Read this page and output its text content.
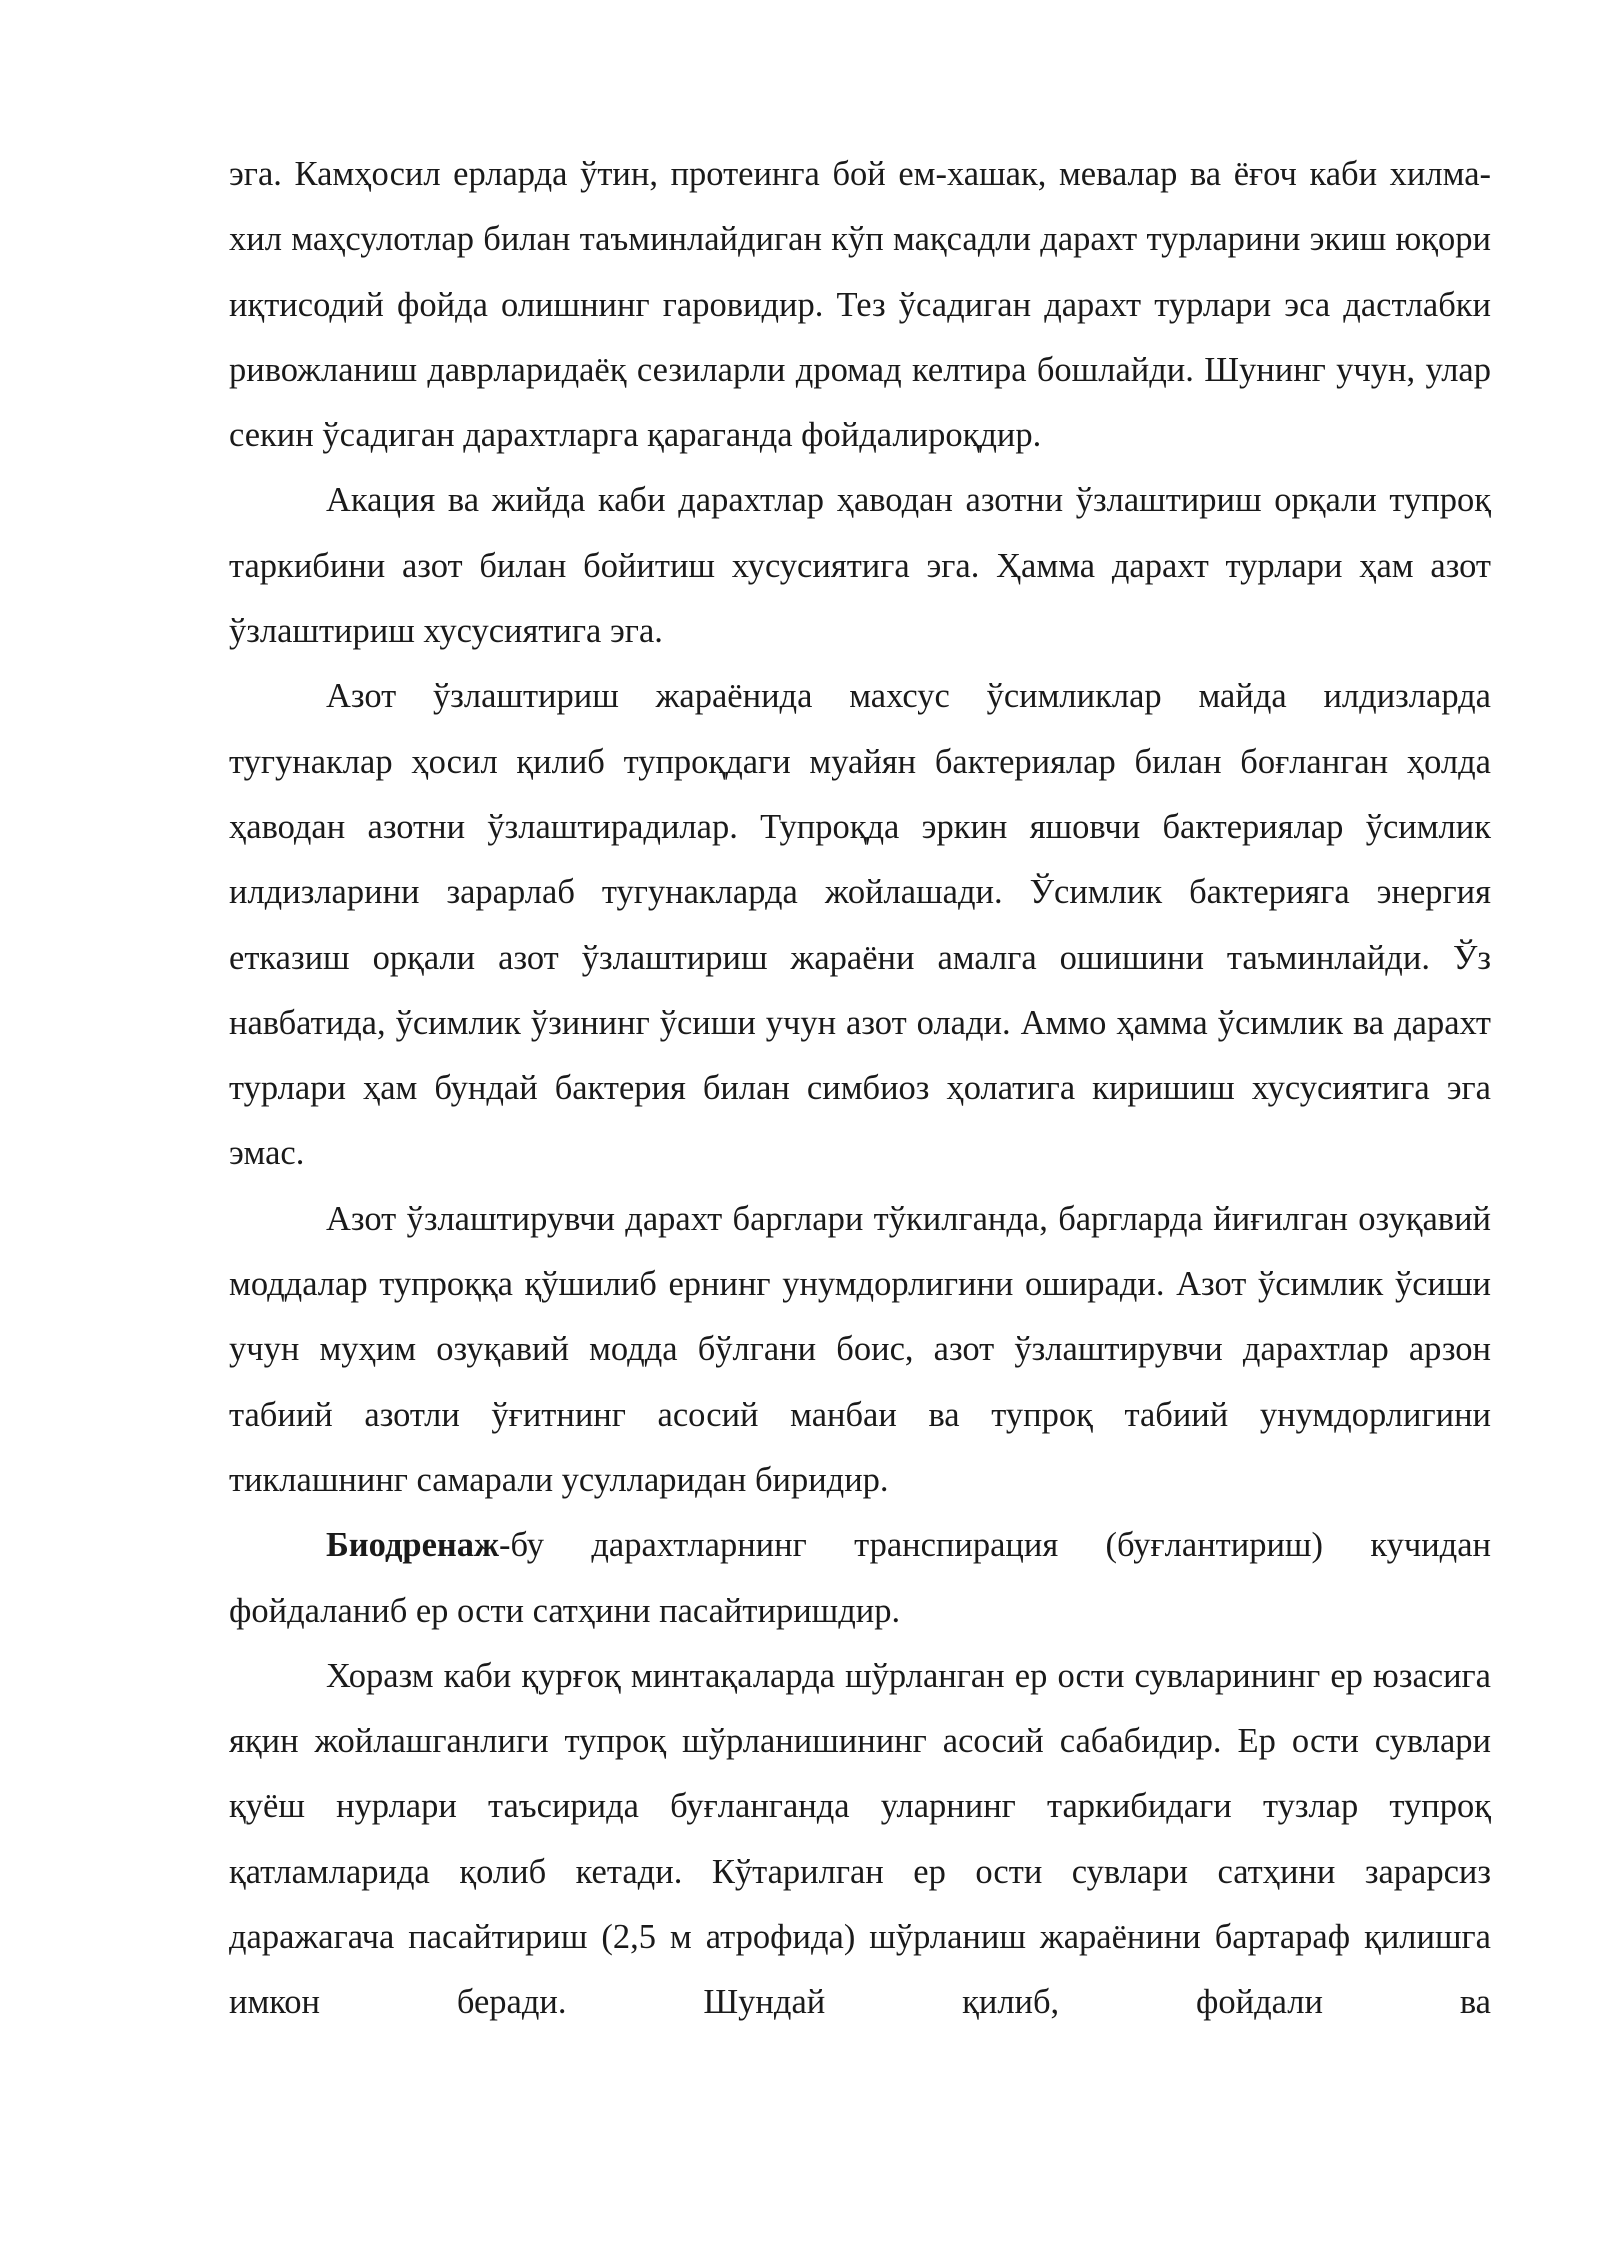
эга. Камҳосил ерларда ўтин, протеинга бой ем-хашак, мевалар ва ёғоч каби хилма-хил маҳсулотлар билан таъминлайдиган кўп мақсадли дарахт турларини экиш юқори иқтисодий фойда олишнинг гаровидир. Тез ўсадиган дарахт турлари эса дастлабки ривожланиш даврларидаёқ сезиларли дромад келтира бошлайди. Шунинг учун, улар секин ўсадиган дарахтларга қараганда фойдалироқдир.

Акация ва жийда каби дарахтлар ҳаводан азотни ўзлаштириш орқали тупроқ таркибини азот билан бойитиш хусусиятига эга. Ҳамма дарахт турлари ҳам азот ўзлаштириш хусусиятига эга.

Азот ўзлаштириш жараёнида махсус ўсимликлар майда илдизларда тугунаклар ҳосил қилиб тупроқдаги муайян бактериялар билан боғланган ҳолда ҳаводан азотни ўзлаштирадилар. Тупроқда эркин яшовчи бактериялар ўсимлик илдизларини зарарлаб тугунакларда жойлашади. Ўсимлик бактерияга энергия етказиш орқали азот ўзлаштириш жараёни амалга ошишини таъминлайди. Ўз навбатида, ўсимлик ўзининг ўсиши учун азот олади. Аммо ҳамма ўсимлик ва дарахт турлари ҳам бундай бактерия билан симбиоз ҳолатига киришиш хусусиятига эга эмас.

Азот ўзлаштирувчи дарахт барглари тўкилганда, баргларда йиғилган озуқавий моддалар тупроққа қўшилиб ернинг унумдорлигини оширади. Азот ўсимлик ўсиши учун муҳим озуқавий модда бўлгани боис, азот ўзлаштирувчи дарахтлар арзон табиий азотли ўғитнинг асосий манбаи ва тупроқ табиий унумдорлигини тиклашнинг самарали усулларидан биридир.

Биодренаж-бу дарахтларнинг транспирация (буғлантириш) кучидан фойдаланиб ер ости сатҳини пасайтиришдир.

Хоразм каби қурғоқ минтақаларда шўрланган ер ости сувларининг ер юзасига яқин жойлашганлиги тупроқ шўрланишининг асосий сабабидир. Ер ости сувлари қуёш нурлари таъсирида буғланганда уларнинг таркибидаги тузлар тупроқ қатламларида қолиб кетади. Кўтарилган ер ости сувлари сатҳини зарарсиз даражагача пасайтириш (2,5 м атрофида) шўрланиш жараёнини бартараф қилишга имкон беради. Шундай қилиб, фойдали ва
